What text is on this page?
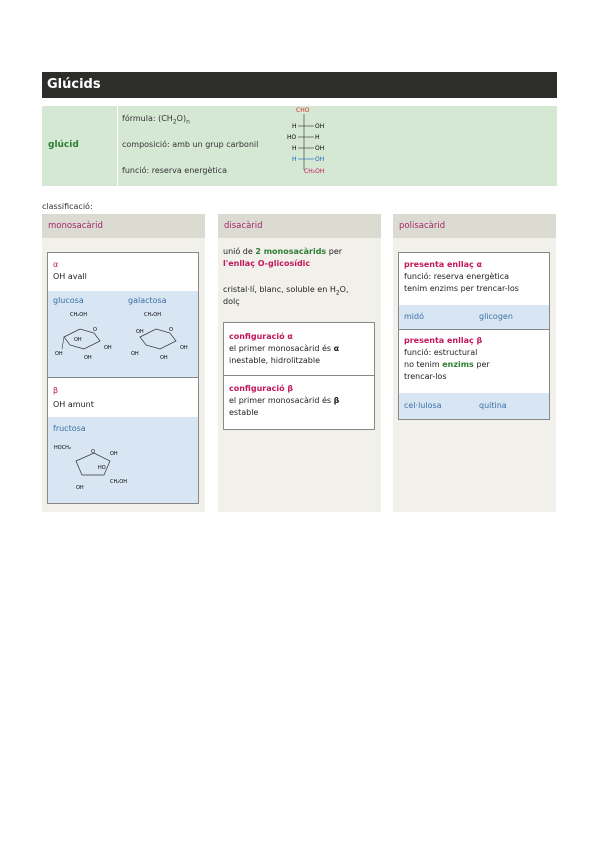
Glúcids
glúcid
fórmula: $(CH_2O)_n$
composició: amb un grup carbonil
funció: reserva energètica
CHO
H	OH
HO	H
H	OH
H	OH
CH₂OH
classificació:
monosacàrid
α
OH avall
glucosa	galactosa
CH₂OH
O
OH
OH
OH
OH
CH₂OH
O
OH
OH
OH
OH
β
OH amunt
fructosa
HOCH₂
O	OH
HO
CH₂OH
OH
disacàrid
unió de 2 monosacàrids per
l'enllaç O-glicosídic
cristal·lí, blanc, soluble en $H_2O$,
dolç
configuració α
el primer monosacàrid és α
inestable, hidrolitzable
configuració β
el primer monosacàrid és β
estable
polisacàrid
presenta enllaç α
funció: reserva energètica
tenim enzims per trencar-los
midó	glicogen
presenta enllaç β
funció: estructural
no tenim enzims per
trencar-los
cel·lulosa	quitina
